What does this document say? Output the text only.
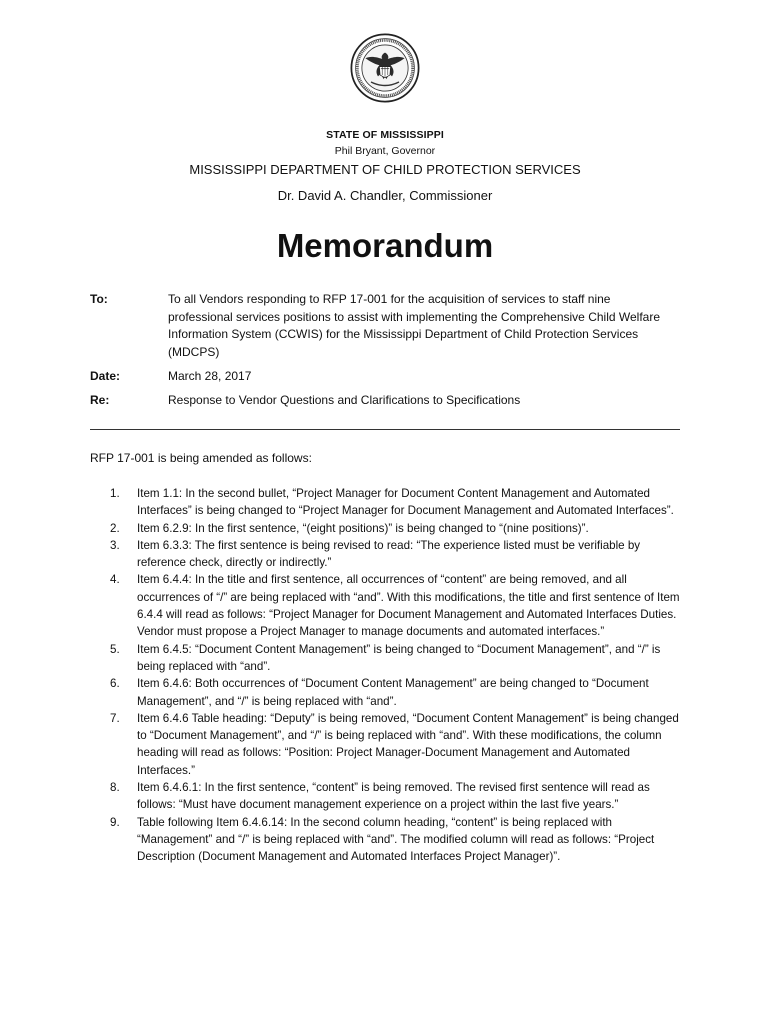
STATE OF MISSISSIPPI
Phil Bryant, Governor
MISSISSIPPI DEPARTMENT OF CHILD PROTECTION SERVICES
Dr. David A. Chandler, Commissioner
Memorandum
To:	To all Vendors responding to RFP 17-001 for the acquisition of services to staff nine professional services positions to assist with implementing the Comprehensive Child Welfare Information System (CCWIS) for the Mississippi Department of Child Protection Services (MDCPS)
Date:	March 28, 2017
Re:	Response to Vendor Questions and Clarifications to Specifications
RFP 17-001 is being amended as follows:
1. Item 1.1: In the second bullet, “Project Manager for Document Content Management and Automated Interfaces” is being changed to “Project Manager for Document Management and Automated Interfaces”.
2. Item 6.2.9: In the first sentence, “(eight positions)” is being changed to “(nine positions)”.
3. Item 6.3.3: The first sentence is being revised to read: “The experience listed must be verifiable by reference check, directly or indirectly.”
4. Item 6.4.4: In the title and first sentence, all occurrences of “content” are being removed, and all occurrences of “/” are being replaced with “and”. With this modifications, the title and first sentence of Item 6.4.4 will read as follows: “Project Manager for Document Management and Automated Interfaces Duties. Vendor must propose a Project Manager to manage documents and automated interfaces.”
5. Item 6.4.5: “Document Content Management” is being changed to “Document Management”, and “/” is being replaced with “and”.
6. Item 6.4.6: Both occurrences of “Document Content Management” are being changed to “Document Management”, and “/” is being replaced with “and”.
7. Item 6.4.6 Table heading: “Deputy” is being removed, “Document Content Management” is being changed to “Document Management”, and “/” is being replaced with “and”. With these modifications, the column heading will read as follows: “Position: Project Manager-Document Management and Automated Interfaces.”
8. Item 6.4.6.1: In the first sentence, “content” is being removed. The revised first sentence will read as follows: “Must have document management experience on a project within the last five years.”
9. Table following Item 6.4.6.14: In the second column heading, “content” is being replaced with “Management” and “/” is being replaced with “and”. The modified column will read as follows: “Project Description (Document Management and Automated Interfaces Project Manager)”.
